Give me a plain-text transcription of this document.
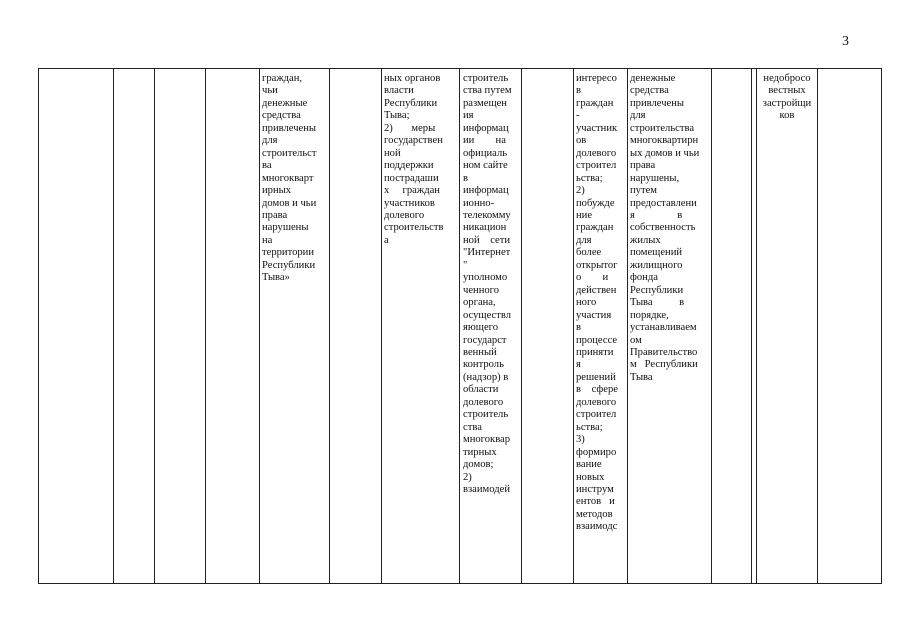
3
граждан,
чьи
денежные
средства
привлечены
для
строительст
ва
многокварт
ирных
домов и чьи
права
нарушены
на
территории
Республики
Тыва»
ных органов
власти
Республики
Тыва;
2)       меры
государствен
ной
поддержки
пострадаши
х     граждан
участников
долевого
строительств
а
строитель
ства путем
размещен
ия
информац
ии        на
официаль
ном сайте
в
информац
ионно-
телекомму
никацион
ной    сети
"Интернет
"
уполномо
ченного
органа,
осуществл
яющего
государст
венный
контроль
(надзор) в
области
долевого
строитель
ства
многоквар
тирных
домов;
2)
взаимодей
интересо
в
граждан
-
участник
ов
долевого
строител
ьства;
2)
побужде
ние
граждан
для
более
открытог
о        и
действен
ного
участия
в
процессе
приняти
я
решений
в    сфере
долевого
строител
ьства;
3)
формиро
вание
новых
инструм
ентов   и
методов
взаимодс
денежные
средства
привлечены
для
строительства
многоквартирн
ых домов и чьи
права
нарушены,
путем
предоставлени
я                в
собственность
жилых
помещений
жилищного
фонда
Республики
Тыва          в
порядке,
устанавливаем
ом
Правительство
м   Республики
Тыва
недобросо
вестных
застройщи
ков
